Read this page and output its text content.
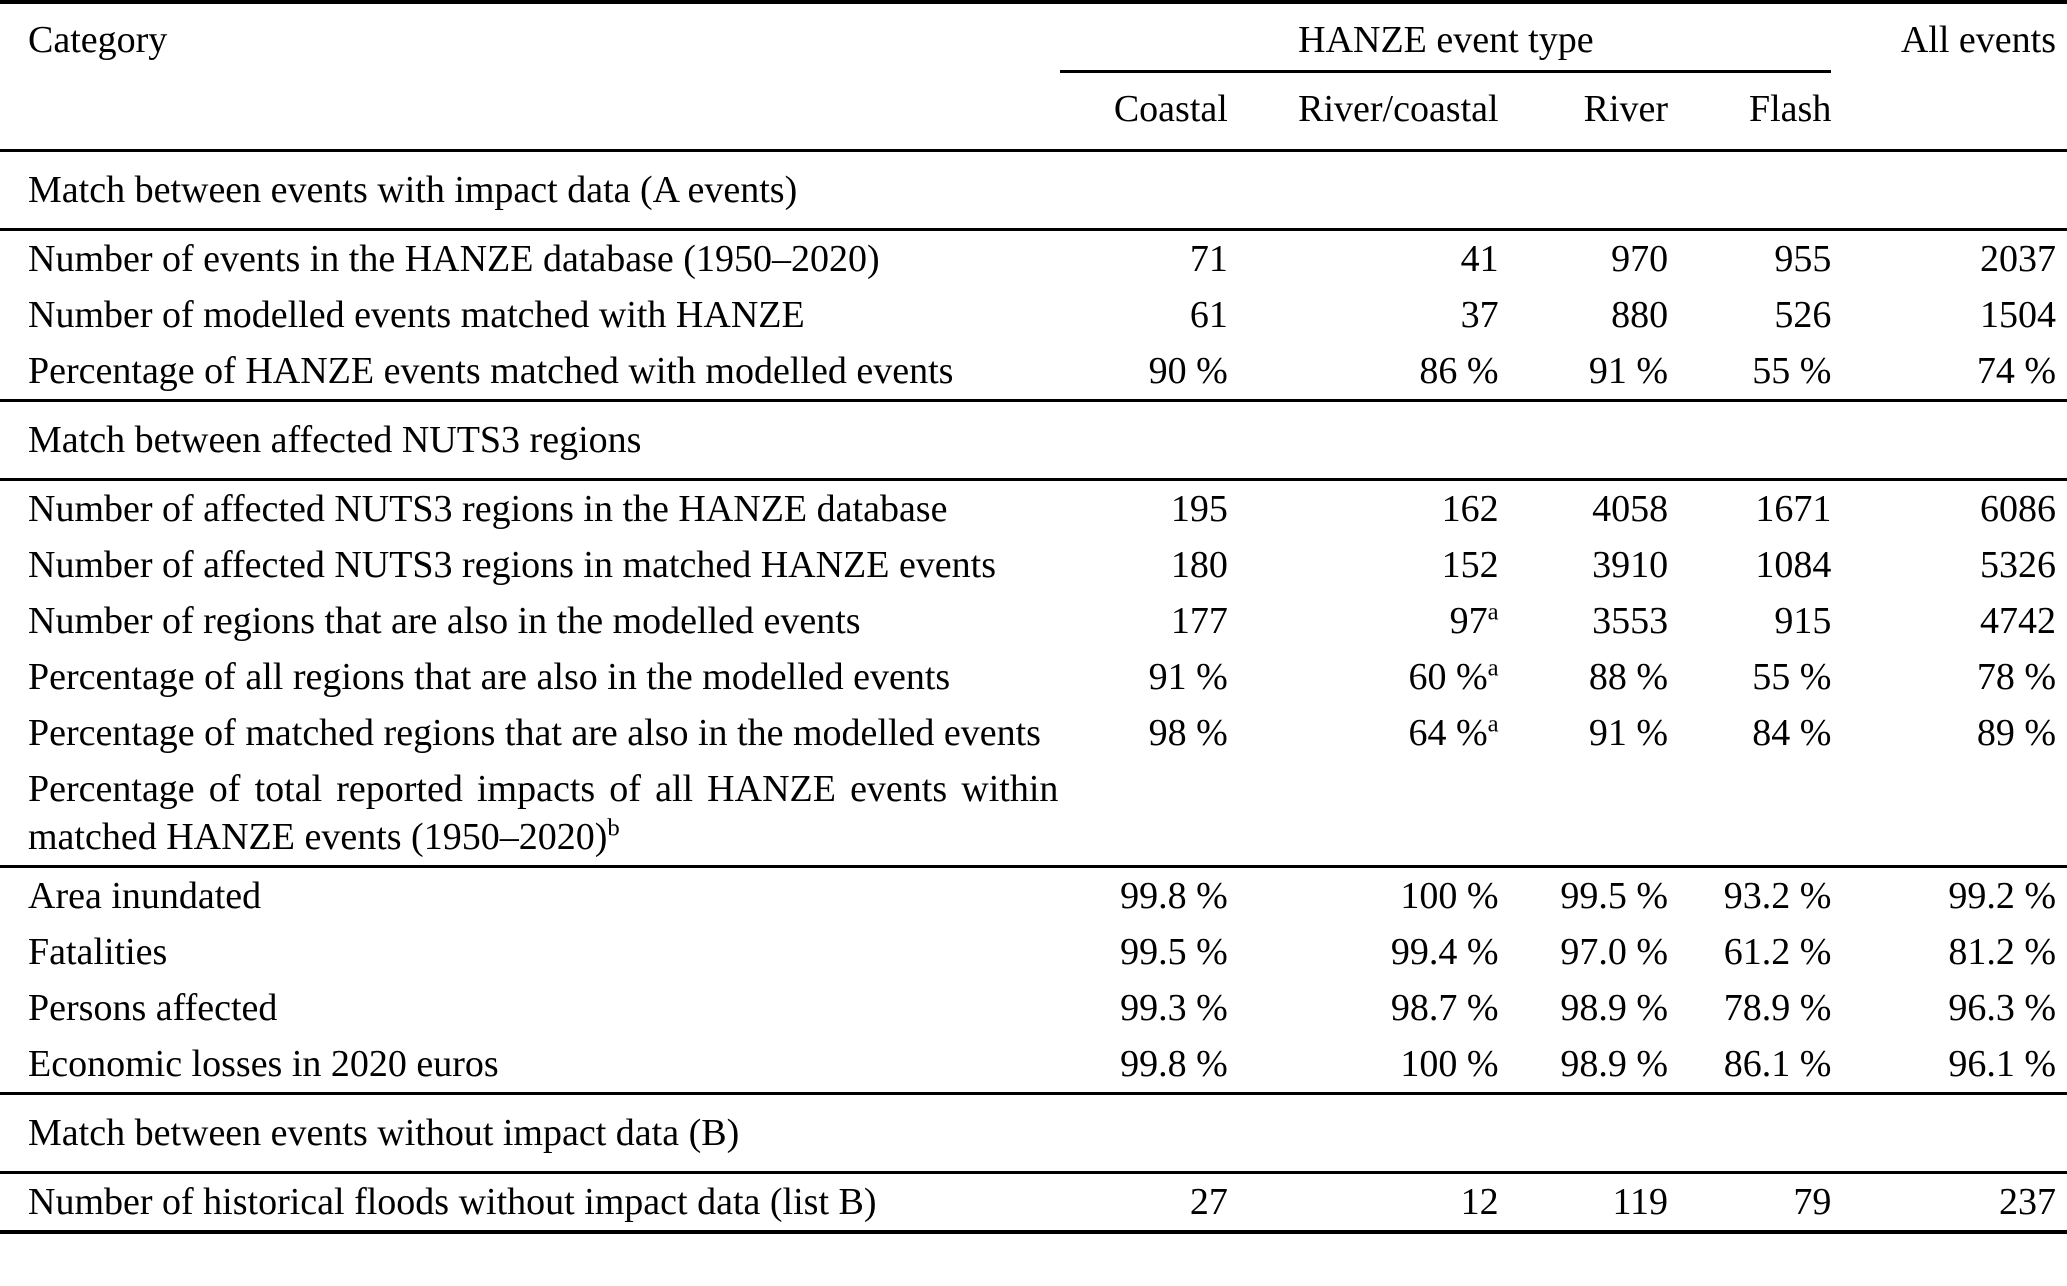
Category	HANZE event type				All events
	Coastal	River/coastal	River	Flash	
Match between events with impact data (A events)					
Number of events in the HANZE database (1950–2020)	71	41	970	955	2037
Number of modelled events matched with HANZE	61	37	880	526	1504
Percentage of HANZE events matched with modelled events	90 %	86 %	91 %	55 %	74 %
Match between affected NUTS3 regions					
Number of affected NUTS3 regions in the HANZE database	195	162	4058	1671	6086
Number of affected NUTS3 regions in matched HANZE events	180	152	3910	1084	5326
Number of regions that are also in the modelled events	177	97$^a$	3553	915	4742
Percentage of all regions that are also in the modelled events	91 %	60 %$^a$	88 %	55 %	78 %
Percentage of matched regions that are also in the modelled events	98 %	64 %$^a$	91 %	84 %	89 %
Percentage of total reported impacts of all HANZE events within matched HANZE events (1950–2020)$^b$					
Area inundated	99.8 %	100 %	99.5 %	93.2 %	99.2 %
Fatalities	99.5 %	99.4 %	97.0 %	61.2 %	81.2 %
Persons affected	99.3 %	98.7 %	98.9 %	78.9 %	96.3 %
Economic losses in 2020 euros	99.8 %	100 %	98.9 %	86.1 %	96.1 %
Match between events without impact data (B)					
Number of historical floods without impact data (list B)	27	12	119	79	237
